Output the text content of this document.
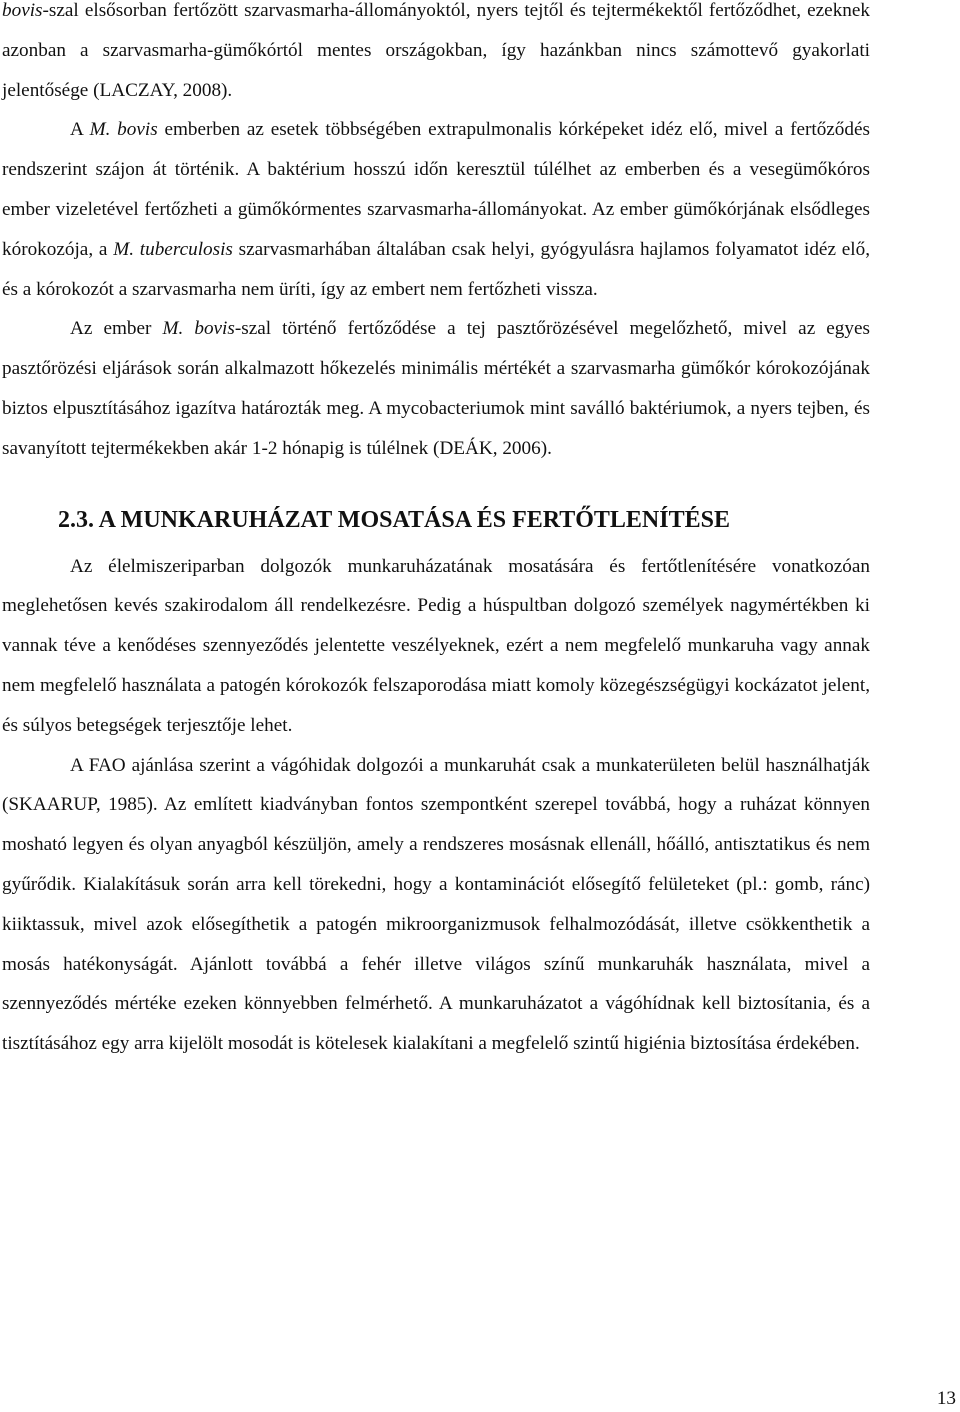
bovis-szal elsősorban fertőzött szarvasmarha-állományoktól, nyers tejtől és tejtermékektől fertőződhet, ezeknek azonban a szarvasmarha-gümőkórtól mentes országokban, így hazánkban nincs számottevő gyakorlati jelentősége (LACZAY, 2008).

A M. bovis emberben az esetek többségében extrapulmonalis kórképeket idéz elő, mivel a fertőződés rendszerint szájon át történik. A baktérium hosszú időn keresztül túlélhet az emberben és a vesegümőkóros ember vizeletével fertőzheti a gümőkórmentes szarvasmarha-állományokat. Az ember gümőkórjának elsődleges kórokozója, a M. tuberculosis szarvasmarhában általában csak helyi, gyógyulásra hajlamos folyamatot idéz elő, és a kórokozót a szarvasmarha nem üríti, így az embert nem fertőzheti vissza.

Az ember M. bovis-szal történő fertőződése a tej pasztőrözésével megelőzhető, mivel az egyes pasztőrözési eljárások során alkalmazott hőkezelés minimális mértékét a szarvasmarha gümőkór kórokozójának biztos elpusztításához igazítva határozták meg. A mycobacteriumok mint saválló baktériumok, a nyers tejben, és savanyított tejtermékekben akár 1-2 hónapig is túlélnek (DEÁK, 2006).

2.3. A MUNKARUHÁZAT MOSATÁSA ÉS FERTŐTLENÍTÉSE

Az élelmiszeriparban dolgozók munkaruházatának mosatására és fertőtlenítésére vonatkozóan meglehetősen kevés szakirodalom áll rendelkezésre. Pedig a húspultban dolgozó személyek nagymértékben ki vannak téve a kenődéses szennyeződés jelentette veszélyeknek, ezért a nem megfelelő munkaruha vagy annak nem megfelelő használata a patogén kórokozók felszaporodása miatt komoly közegészségügyi kockázatot jelent, és súlyos betegségek terjesztője lehet.

A FAO ajánlása szerint a vágóhidak dolgozói a munkaruhát csak a munkaterületen belül használhatják (SKAARUP, 1985). Az említett kiadványban fontos szempontként szerepel továbbá, hogy a ruházat könnyen mosható legyen és olyan anyagból készüljön, amely a rendszeres mosásnak ellenáll, hőálló, antisztatikus és nem gyűrődik. Kialakításuk során arra kell törekedni, hogy a kontaminációt elősegítő felületeket (pl.: gomb, ránc) kiiktassuk, mivel azok elősegíthetik a patogén mikroorganizmusok felhalmozódását, illetve csökkenthetik a mosás hatékonyságát. Ajánlott továbbá a fehér illetve világos színű munkaruhák használata, mivel a szennyeződés mértéke ezeken könnyebben felmérhető. A munkaruházatot a vágóhídnak kell biztosítania, és a tisztításához egy arra kijelölt mosodát is kötelesek kialakítani a megfelelő szintű higiénia biztosítása érdekében.

13
